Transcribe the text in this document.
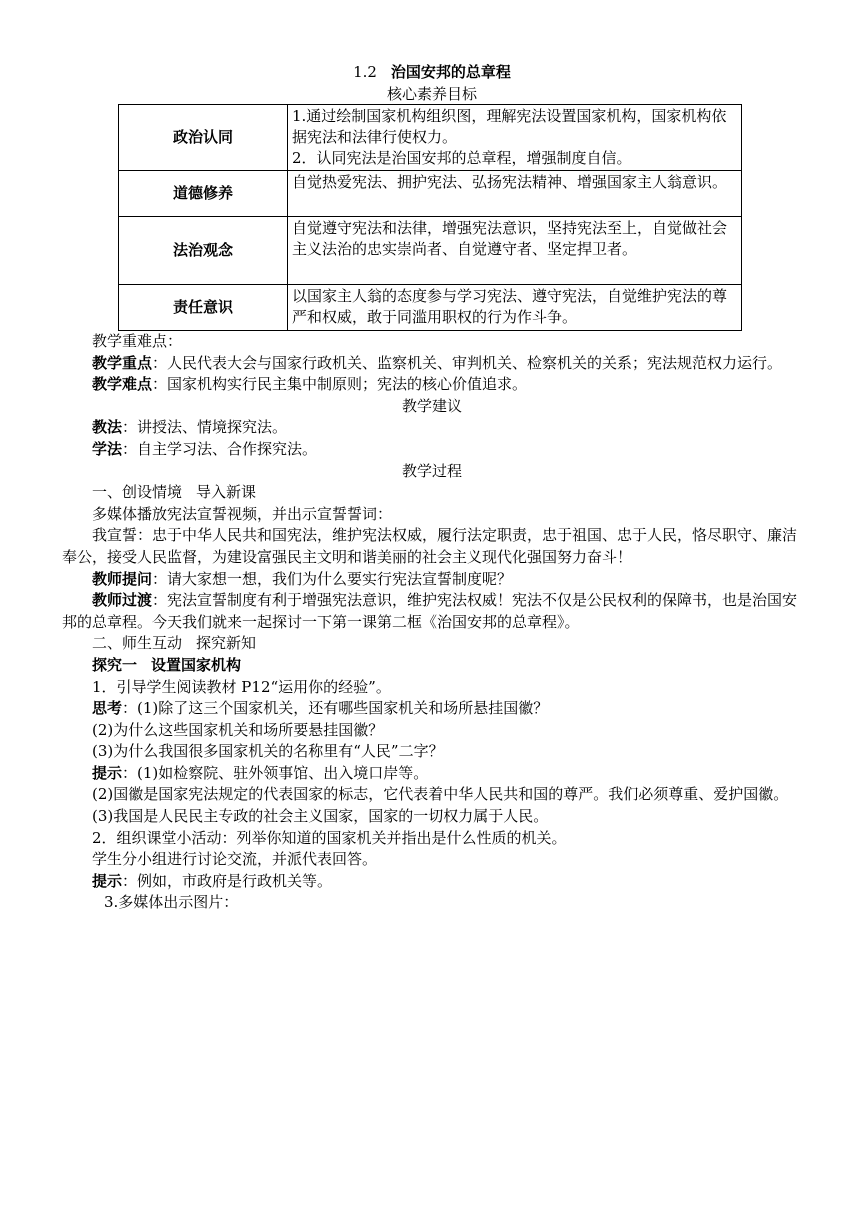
1.2 治国安邦的总章程
核心素养目标
政治认同	1.通过绘制国家机构组织图，理解宪法设置国家机构，国家机构依据宪法和法律行使权力。
2．认同宪法是治国安邦的总章程，增强制度自信。

道德修养	自觉热爱宪法、拥护宪法、弘扬宪法精神、增强国家主人翁意识。
法治观念	自觉遵守宪法和法律，增强宪法意识，坚持宪法至上，自觉做社会主义法治的忠实崇尚者、自觉遵守者、坚定捍卫者。
责任意识	以国家主人翁的态度参与学习宪法、遵守宪法，自觉维护宪法的尊严和权威，敢于同滥用职权的行为作斗争。
教学重难点：
教学重点：人民代表大会与国家行政机关、监察机关、审判机关、检察机关的关系；宪法规范权力运行。
教学难点：国家机构实行民主集中制原则；宪法的核心价值追求。
教学建议
教法：讲授法、情境探究法。
学法：自主学习法、合作探究法。
教学过程
一、创设情境 导入新课
多媒体播放宪法宣誓视频，并出示宣誓誓词：
我宣誓：忠于中华人民共和国宪法，维护宪法权威，履行法定职责，忠于祖国、忠于人民，恪尽职守、廉洁奉公，接受人民监督，为建设富强民主文明和谐美丽的社会主义现代化强国努力奋斗！
教师提问：请大家想一想，我们为什么要实行宪法宣誓制度呢？
教师过渡：宪法宣誓制度有利于增强宪法意识，维护宪法权威！宪法不仅是公民权利的保障书，也是治国安邦的总章程。今天我们就来一起探讨一下第一课第二框《治国安邦的总章程》。
二、师生互动 探究新知
探究一 设置国家机构
1．引导学生阅读教材 P12“运用你的经验”。
思考：(1)除了这三个国家机关，还有哪些国家机关和场所悬挂国徽？
(2)为什么这些国家机关和场所要悬挂国徽？
(3)为什么我国很多国家机关的名称里有“人民”二字？
提示：(1)如检察院、驻外领事馆、出入境口岸等。
(2)国徽是国家宪法规定的代表国家的标志，它代表着中华人民共和国的尊严。我们必须尊重、爱护国徽。
(3)我国是人民民主专政的社会主义国家，国家的一切权力属于人民。
2．组织课堂小活动：列举你知道的国家机关并指出是什么性质的机关。
学生分小组进行讨论交流，并派代表回答。
提示：例如，市政府是行政机关等。
3.多媒体出示图片：
